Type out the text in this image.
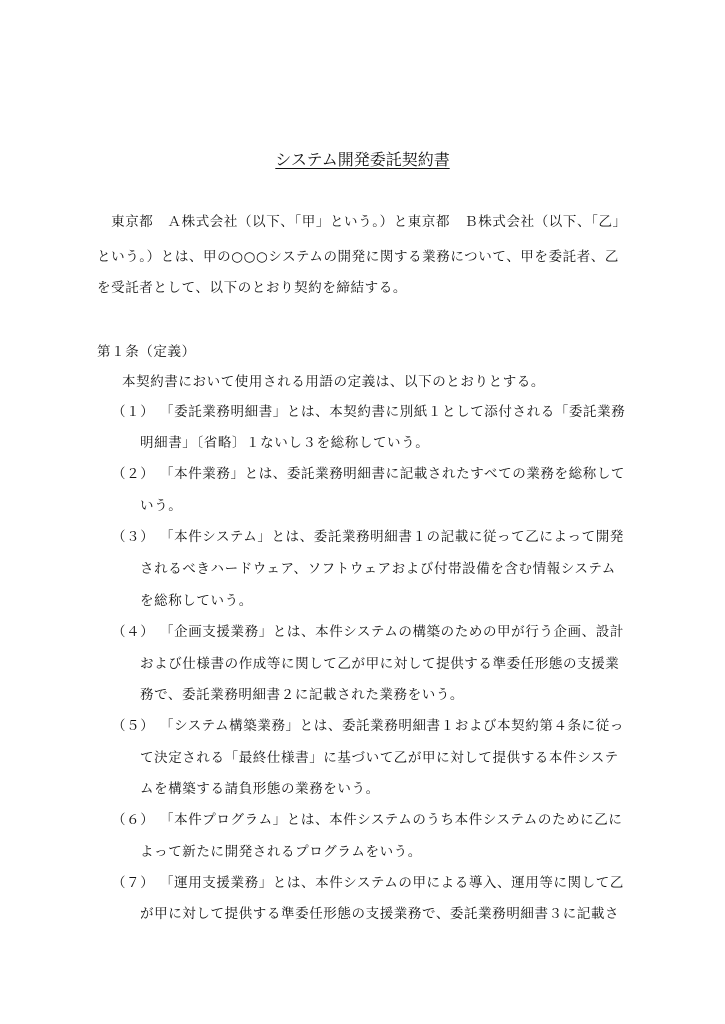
システム開発委託契約書
　東京都　Ａ株式会社（以下、「甲」という。）と東京都　Ｂ株式会社（以下、「乙」
という。）とは、甲の○○○システムの開発に関する業務について、甲を委託者、乙
を受託者として、以下のとおり契約を締結する。
第１条（定義）
本契約書において使用される用語の定義は、以下のとおりとする。
（１） 「委託業務明細書」とは、本契約書に別紙１として添付される「委託業務
明細書」〔省略〕１ないし３を総称していう。
（２） 「本件業務」とは、委託業務明細書に記載されたすべての業務を総称して
いう。
（３） 「本件システム」とは、委託業務明細書１の記載に従って乙によって開発
されるべきハードウェア、ソフトウェアおよび付帯設備を含む情報システム
を総称していう。
（４） 「企画支援業務」とは、本件システムの構築のための甲が行う企画、設計
および仕様書の作成等に関して乙が甲に対して提供する準委任形態の支援業
務で、委託業務明細書２に記載された業務をいう。
（５） 「システム構築業務」とは、委託業務明細書１および本契約第４条に従っ
て決定される「最終仕様書」に基づいて乙が甲に対して提供する本件システ
ムを構築する請負形態の業務をいう。
（６） 「本件プログラム」とは、本件システムのうち本件システムのために乙に
よって新たに開発されるプログラムをいう。
（７） 「運用支援業務」とは、本件システムの甲による導入、運用等に関して乙
が甲に対して提供する準委任形態の支援業務で、委託業務明細書３に記載さ
